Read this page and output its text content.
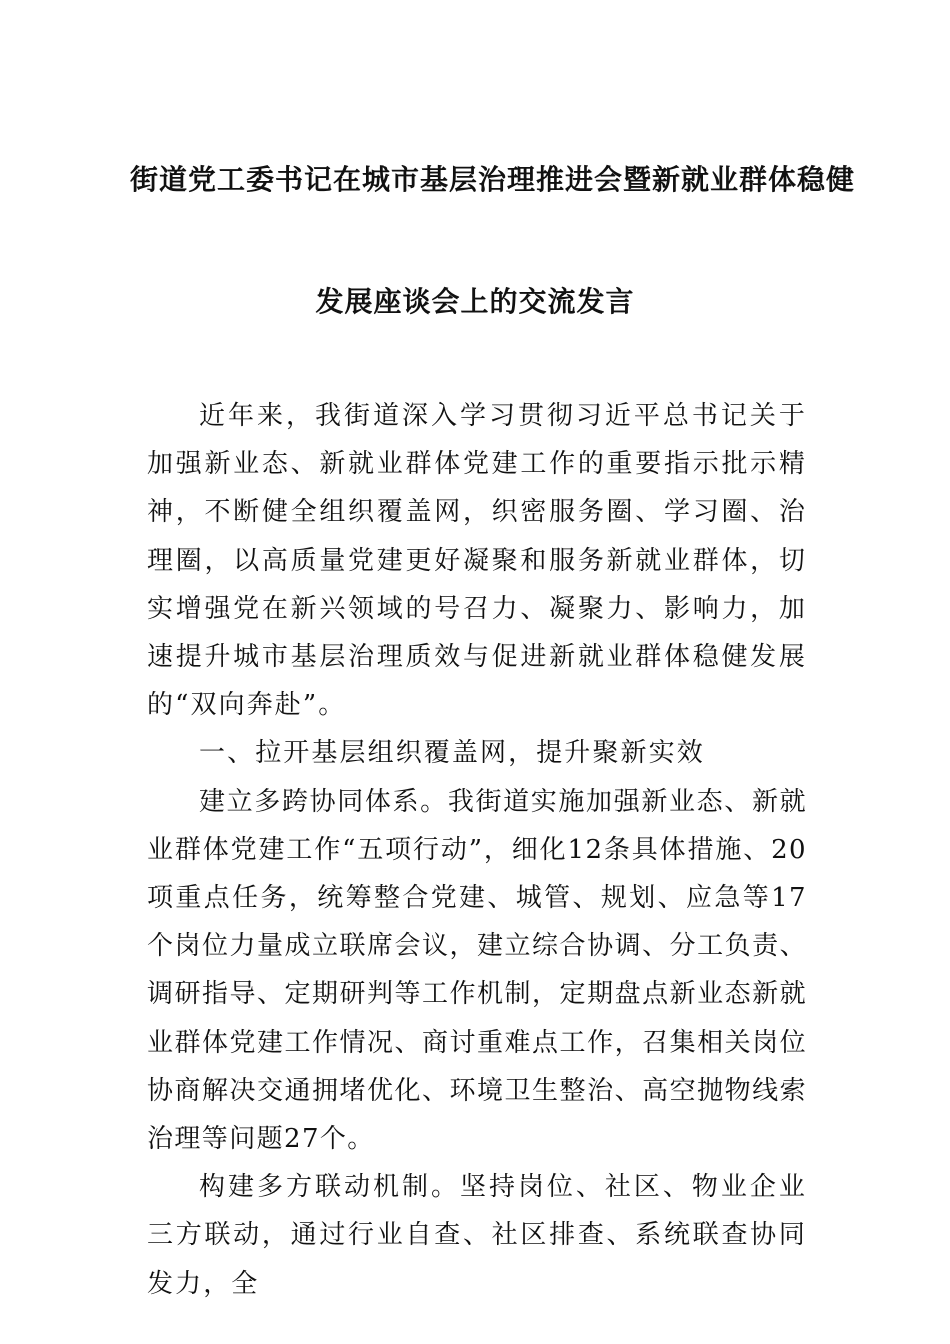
街道党工委书记在城市基层治理推进会暨新就业群体稳健
发展座谈会上的交流发言

近年来，我街道深入学习贯彻习近平总书记关于加强新业态、新就业群体党建工作的重要指示批示精神，不断健全组织覆盖网，织密服务圈、学习圈、治理圈，以高质量党建更好凝聚和服务新就业群体，切实增强党在新兴领域的号召力、凝聚力、影响力，加速提升城市基层治理质效与促进新就业群体稳健发展的“双向奔赴”。

一、拉开基层组织覆盖网，提升聚新实效

建立多跨协同体系。我街道实施加强新业态、新就业群体党建工作“五项行动”，细化12条具体措施、20项重点任务，统筹整合党建、城管、规划、应急等17个岗位力量成立联席会议，建立综合协调、分工负责、调研指导、定期研判等工作机制，定期盘点新业态新就业群体党建工作情况、商讨重难点工作，召集相关岗位协商解决交通拥堵优化、环境卫生整治、高空抛物线索治理等问题27个。

构建多方联动机制。坚持岗位、社区、物业企业三方联动，通过行业自查、社区排查、系统联查协同发力，全
